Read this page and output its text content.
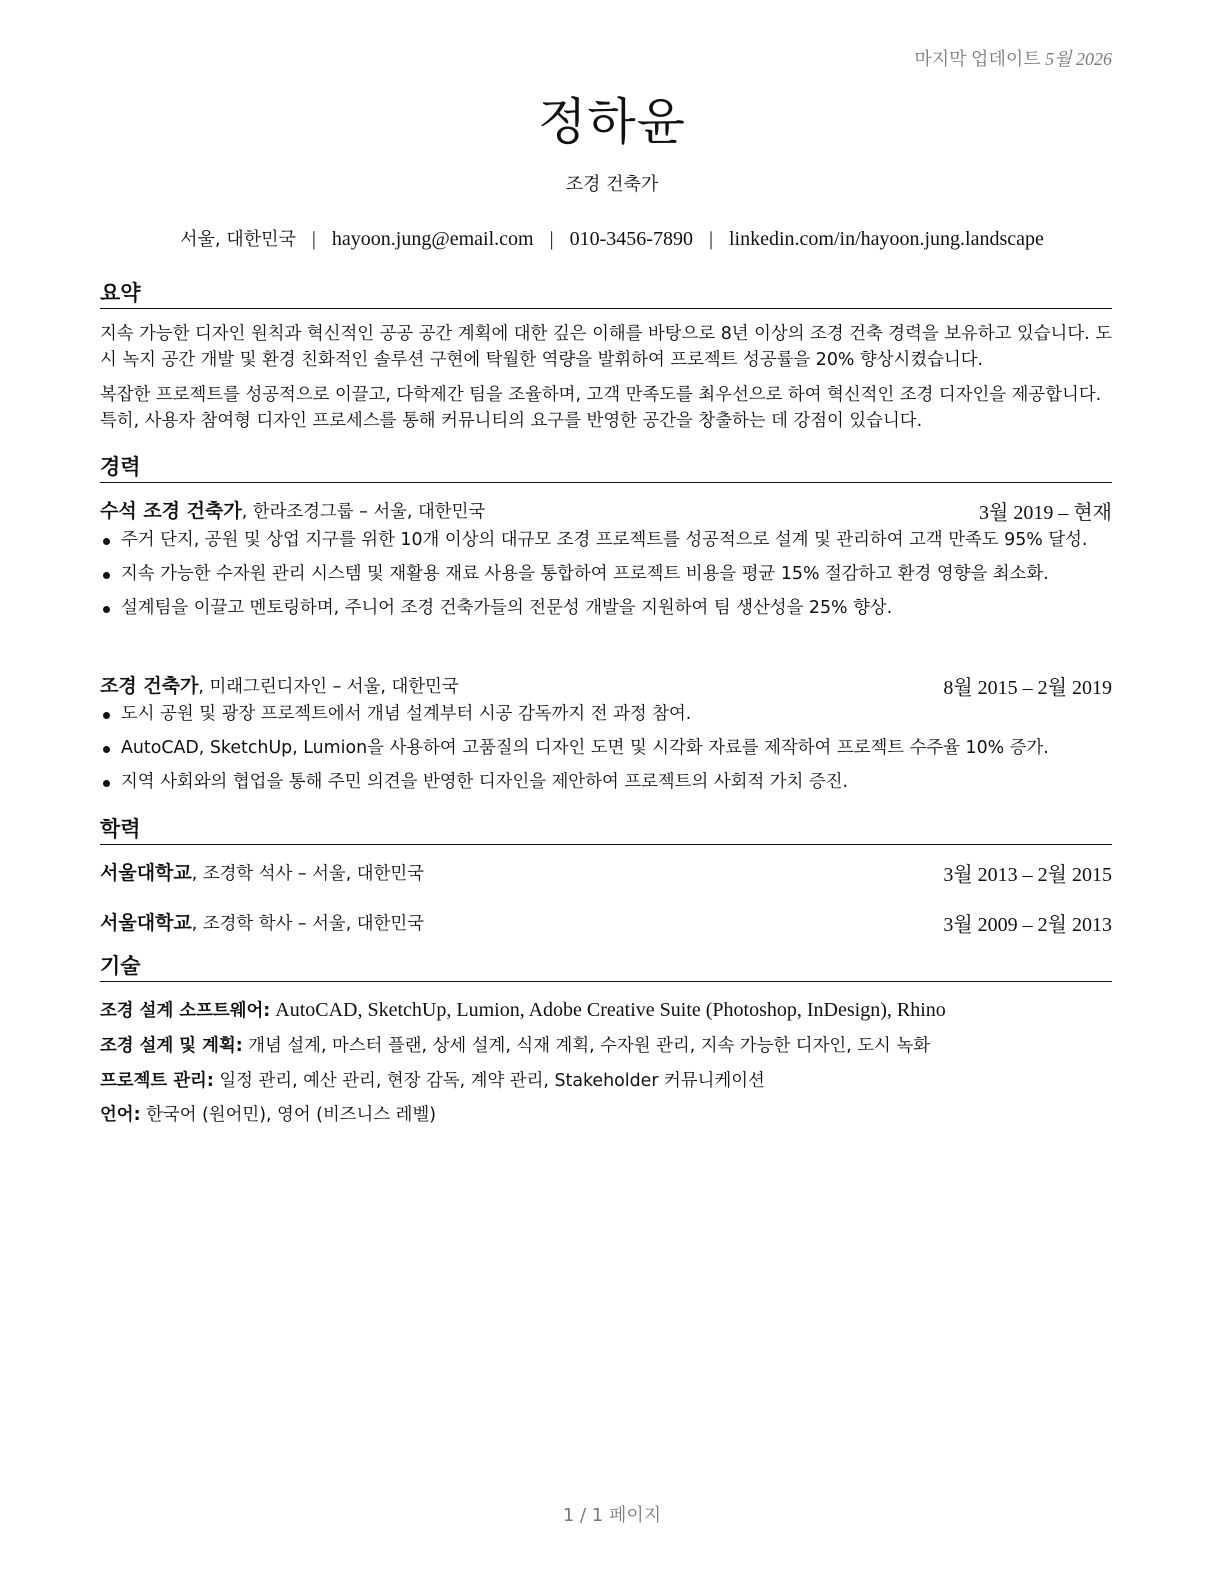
마지막 업데이트 5월 2026
정하윤
조경 건축가
서울, 대한민국 | hayoon.jung@email.com | 010-3456-7890 | linkedin.com/in/hayoon.jung.landscape
요약
지속 가능한 디자인 원칙과 혁신적인 공공 공간 계획에 대한 깊은 이해를 바탕으로 8년 이상의 조경 건축 경력을 보유하고 있습니다. 도시 녹지 공간 개발 및 환경 친화적인 솔루션 구현에 탁월한 역량을 발휘하여 프로젝트 성공률을 20% 향상시켰습니다.
복잡한 프로젝트를 성공적으로 이끌고, 다학제간 팀을 조율하며, 고객 만족도를 최우선으로 하여 혁신적인 조경 디자인을 제공합니다. 특히, 사용자 참여형 디자인 프로세스를 통해 커뮤니티의 요구를 반영한 공간을 창출하는 데 강점이 있습니다.
경력
수석 조경 건축가, 한라조경그룹 – 서울, 대한민국	3월 2019 – 현재
주거 단지, 공원 및 상업 지구를 위한 10개 이상의 대규모 조경 프로젝트를 성공적으로 설계 및 관리하여 고객 만족도 95% 달성.
지속 가능한 수자원 관리 시스템 및 재활용 재료 사용을 통합하여 프로젝트 비용을 평균 15% 절감하고 환경 영향을 최소화.
설계팀을 이끌고 멘토링하며, 주니어 조경 건축가들의 전문성 개발을 지원하여 팀 생산성을 25% 향상.
조경 건축가, 미래그린디자인 – 서울, 대한민국	8월 2015 – 2월 2019
도시 공원 및 광장 프로젝트에서 개념 설계부터 시공 감독까지 전 과정 참여.
AutoCAD, SketchUp, Lumion을 사용하여 고품질의 디자인 도면 및 시각화 자료를 제작하여 프로젝트 수주율 10% 증가.
지역 사회와의 협업을 통해 주민 의견을 반영한 디자인을 제안하여 프로젝트의 사회적 가치 증진.
학력
서울대학교, 조경학 석사 – 서울, 대한민국	3월 2013 – 2월 2015
서울대학교, 조경학 학사 – 서울, 대한민국	3월 2009 – 2월 2013
기술
조경 설계 소프트웨어: AutoCAD, SketchUp, Lumion, Adobe Creative Suite (Photoshop, InDesign), Rhino
조경 설계 및 계획: 개념 설계, 마스터 플랜, 상세 설계, 식재 계획, 수자원 관리, 지속 가능한 디자인, 도시 녹화
프로젝트 관리: 일정 관리, 예산 관리, 현장 감독, 계약 관리, Stakeholder 커뮤니케이션
언어: 한국어 (원어민), 영어 (비즈니스 레벨)
1 / 1 페이지
